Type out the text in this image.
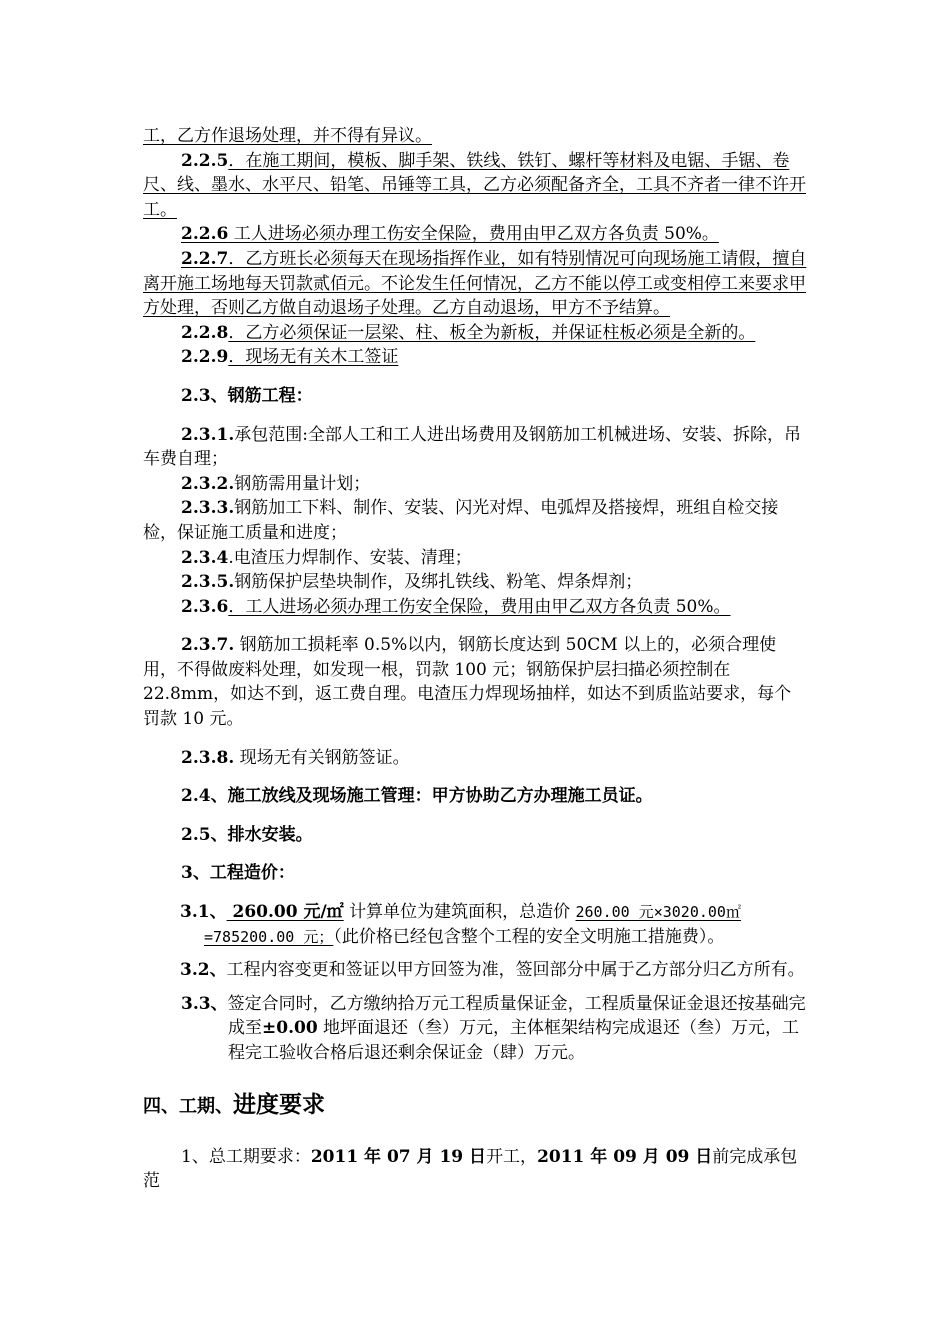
工，乙方作退场处理，并不得有异议。

2.2.5．在施工期间，模板、脚手架、铁线、铁钉、螺杆等材料及电锯、手锯、卷尺、线、墨水、水平尺、铅笔、吊锤等工具，乙方必须配备齐全，工具不齐者一律不许开工。

2.2.6 工人进场必须办理工伤安全保险，费用由甲乙双方各负责 50%。

2.2.7．乙方班长必须每天在现场指挥作业，如有特别情况可向现场施工请假，擅自离开施工场地每天罚款贰佰元。不论发生任何情况，乙方不能以停工或变相停工来要求甲方处理，否则乙方做自动退场子处理。乙方自动退场，甲方不予结算。

2.2.8．乙方必须保证一层梁、柱、板全为新板，并保证柱板必须是全新的。

2.2.9．现场无有关木工签证

2.3、钢筋工程：

2.3.1.承包范围:全部人工和工人进出场费用及钢筋加工机械进场、安装、拆除，吊车费自理；

2.3.2.钢筋需用量计划；

2.3.3.钢筋加工下料、制作、安装、闪光对焊、电弧焊及搭接焊，班组自检交接检，保证施工质量和进度；

2.3.4.电渣压力焊制作、安装、清理；

2.3.5.钢筋保护层垫块制作，及绑扎铁线、粉笔、焊条焊剂；

2.3.6．工人进场必须办理工伤安全保险，费用由甲乙双方各负责 50%。

2.3.7. 钢筋加工损耗率 0.5%以内，钢筋长度达到 50CM 以上的，必须合理使用，不得做废料处理，如发现一根，罚款 100 元；钢筋保护层扫描必须控制在 22.8mm，如达不到，返工费自理。电渣压力焊现场抽样，如达不到质监站要求，每个罚款 10 元。

2.3.8. 现场无有关钢筋签证。

2.4、施工放线及现场施工管理：甲方协助乙方办理施工员证。

2.5、排水安装。

3、工程造价：

3.1、 260.00 元/㎡ 计算单位为建筑面积，总造价 260.00 元×3020.00㎡=785200.00 元；（此价格已经包含整个工程的安全文明施工措施费）。

3.2、工程内容变更和签证以甲方回签为准，签回部分中属于乙方部分归乙方所有。

3.3、签定合同时，乙方缴纳拾万元工程质量保证金，工程质量保证金退还按基础完成至±0.00 地坪面退还（叁）万元，主体框架结构完成退还（叁）万元，工程完工验收合格后退还剩余保证金（肆）万元。

四、工期、进度要求

1、总工期要求：2011 年 07 月 19 日开工，2011 年 09 月 09 日前完成承包范
